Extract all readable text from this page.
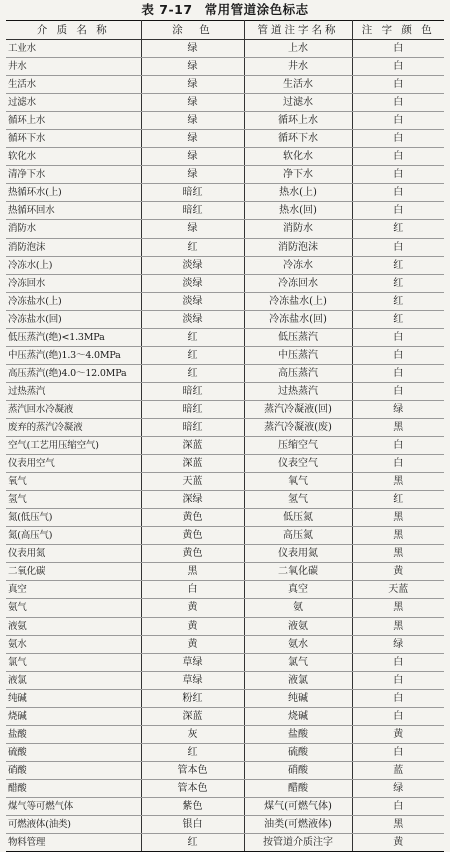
表 7-17 常用管道涂色标志
介 质 名 称	涂　色	管道注字名称	注 字 颜 色
工业水	绿	上水	白
井水	绿	井水	白
生活水	绿	生活水	白
过滤水	绿	过滤水	白
循环上水	绿	循环上水	白
循环下水	绿	循环下水	白
软化水	绿	软化水	白
清净下水	绿	净下水	白
热循环水(上)	暗红	热水(上)	白
热循环回水	暗红	热水(回)	白
消防水	绿	消防水	红
消防泡沫	红	消防泡沫	白
冷冻水(上)	淡绿	冷冻水	红
冷冻回水	淡绿	冷冻回水	红
冷冻盐水(上)	淡绿	冷冻盐水(上)	红
冷冻盐水(回)	淡绿	冷冻盐水(回)	红
低压蒸汽(绝)<1.3MPa	红	低压蒸汽	白
中压蒸汽(绝)1.3～4.0MPa	红	中压蒸汽	白
高压蒸汽(绝)4.0～12.0MPa	红	高压蒸汽	白
过热蒸汽	暗红	过热蒸汽	白
蒸汽回水冷凝液	暗红	蒸汽冷凝液(回)	绿
废弃的蒸汽冷凝液	暗红	蒸汽冷凝液(废)	黑
空气(工艺用压缩空气)	深蓝	压缩空气	白
仪表用空气	深蓝	仪表空气	白
氧气	天蓝	氧气	黑
氢气	深绿	氢气	红
氮(低压气)	黄色	低压氮	黑
氮(高压气)	黄色	高压氮	黑
仪表用氮	黄色	仪表用氮	黑
二氧化碳	黑	二氧化碳	黄
真空	白	真空	天蓝
氨气	黄	氨	黑
液氨	黄	液氨	黑
氨水	黄	氨水	绿
氯气	草绿	氯气	白
液氯	草绿	液氯	白
纯碱	粉红	纯碱	白
烧碱	深蓝	烧碱	白
盐酸	灰	盐酸	黄
硫酸	红	硫酸	白
硝酸	管本色	硝酸	蓝
醋酸	管本色	醋酸	绿
煤气等可燃气体	紫色	煤气(可燃气体)	白
可燃液体(油类)	银白	油类(可燃液体)	黑
物料管理	红	按管道介质注字	黄
